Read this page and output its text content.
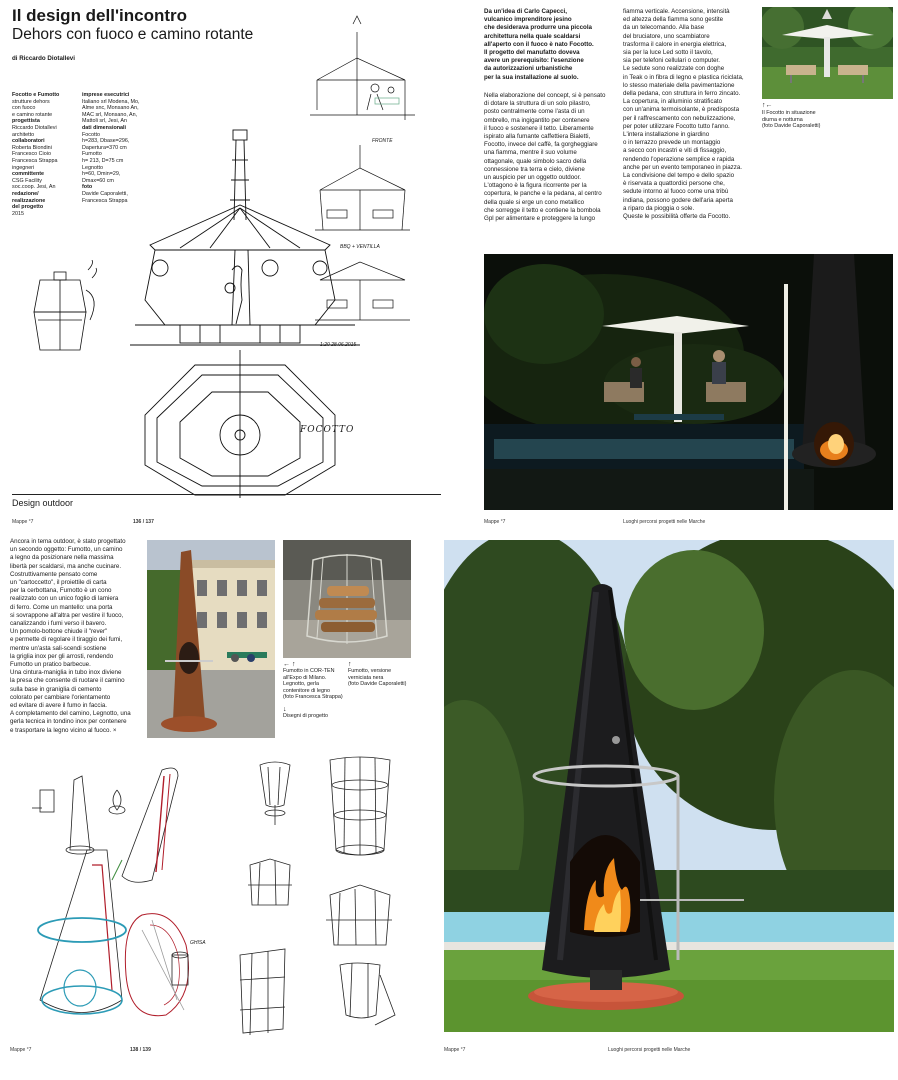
Il design dell'incontro
Dehors con fuoco e camino rotante
di Riccardo Diotallevi
Focotto e Fumotto
strutture dehors
con fuoco
e camino rotante
progettista
Riccardo Diotallevi
architetto
collaboratori
Roberta Biondini
Francesco Cioio
Francesca Strappa
ingegneri
committente
CSG Facility
soc.coop. Jesi, An
redazione/
realizzazione
del progetto
2015
imprese esecutrici
Italiano srl Modena, Mo,
Alme snc, Monsano An,
MAC srl, Monsano, An,
Mattoli srl, Jesi, An
dati dimensionali
Focotto
h=283, Dbase=296,
Dapertura=370 cm
Fumotto
h= 213, D=75 cm
Legnotto
h=60, Dmin=29,
Dmax=60 cm
foto
Davide Caporaletti,
Francesca Strappa
FRONTE
BBQ + VENTILLA
1:20 28.06.2015
FOCOTTO
Design outdoor
Mappe °7	136 / 137
Da un'idea di Carlo Capecci,
vulcanico imprenditore jesino
che desiderava produrre una piccola
architettura nella quale scaldarsi
all'aperto con il fuoco è nato Focotto.
Il progetto del manufatto doveva
avere un prerequisito: l'esenzione
da autorizzazioni urbanistiche
per la sua installazione al suolo.
Nella elaborazione del concept, si è pensato
di dotare la struttura di un solo pilastro,
posto centralmente come l'asta di un
ombrello, ma ingigantito per contenere
il fuoco e sostenere il tetto. Liberamente
ispirato alla fumante caffettiera Bialetti,
Focotto, invece del caffè, fa gorgheggiare
una fiamma, mentre il suo volume
ottagonale, quale simbolo sacro della
connessione tra terra e cielo, diviene
un auspicio per un oggetto outdoor.
L'ottagono è la figura ricorrente per la
copertura, le panche e la pedana, al centro
della quale si erge un cono metallico
che sorregge il tetto e contiene la bombola
Gpl per alimentare e proteggere la lungo
fiamma verticale. Accensione, intensità
ed altezza della fiamma sono gestite
da un telecomando. Alla base
del bruciatore, uno scambiatore
trasforma il calore in energia elettrica,
sia per la luce Led sotto il tavolo,
sia per telefoni cellulari o computer.
Le sedute sono realizzate con doghe
in Teak o in fibra di legno e plastica riciclata,
lo stesso materiale della pavimentazione
della pedana, con struttura in ferro zincato.
La copertura, in alluminio stratificato
con un'anima termoisolante, è predisposta
per il raffrescamento con nebulizzazione,
per poter utilizzare Focotto tutto l'anno.
L'intera installazione in giardino
o in terrazzo prevede un montaggio
a secco con incastri e viti di fissaggio,
rendendo l'operazione semplice e rapida
anche per un evento temporaneo in piazza.
La condivisione del tempo e dello spazio
è riservata a quattordici persone che,
sedute intorno al fuoco come una tribù
indiana, possono godere dell'aria aperta
a riparo da pioggia o sole.
Queste le possibilità offerte da Focotto.
↑←
Il Focotto in situazione
diurna e notturna
(foto Davide Caporaletti)
Mappe °7	Luoghi percorsi progetti nelle Marche
Ancora in tema outdoor, è stato progettato
un secondo oggetto: Fumotto, un camino
a legno da posizionare nella massima
libertà per scaldarsi, ma anche cucinare.
Costruttivamente pensato come
un "cartoccetto", il proiettile di carta
per la cerbottana, Fumotto è un cono
realizzato con un unico foglio di lamiera
di ferro. Come un mantello: una porta
si sovrappone all'altra per vestire il fuoco,
canalizzando i fumi verso il bavero.
Un pomolo-bottone chiude il "rever"
e permette di regolare il tiraggio dei fumi,
mentre un'asta sali-scendi sostiene
la griglia inox per gli arrosti, rendendo
Fumotto un pratico barbecue.
Una cintura-maniglia in tubo inox diviene
la presa che consente di ruotare il camino
sulla base in graniglia di cemento
colorato per cambiare l'orientamento
ed evitare di avere il fumo in faccia.
A completamento del camino, Legnotto, una
gerla tecnica in tondino inox per contenere
e trasportare la legno vicino al fuoco. ×
← ↑
Fumotto in COR-TEN
all'Expo di Milano.
Legnotto, gerla
contenitore di legno
(foto Francesca Strappa)
↑
Fumotto, versione
verniciata nera
(foto Davide Caporaletti)
↓
Disegni di progetto
GHISA
Mappe °7	138 / 139	Mappe °7	Luoghi percorsi progetti nelle Marche
